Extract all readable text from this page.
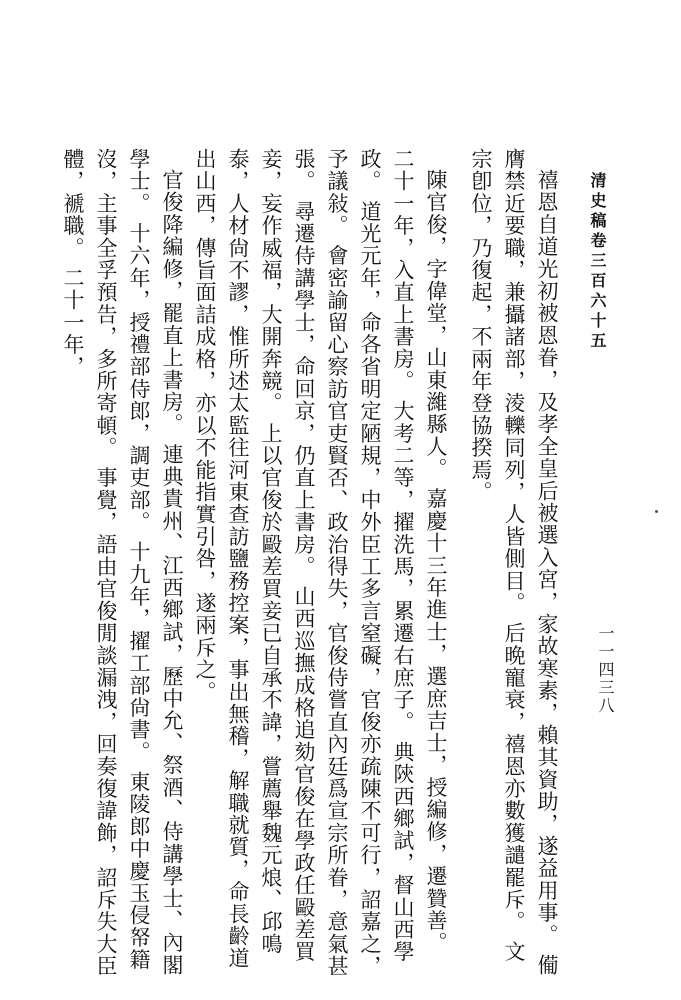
清史稿卷三百六十五
一一四三八

禧恩自道光初被恩眷，及孝全皇后被選入宮，家故寒素，賴其資助，遂益用事。 僃膺禁近要職，兼攝諸部，淩轢同列，人皆側目。 后晩寵衰，禧恩亦數獲譴罷斥。 文宗卽位，乃復起，不兩年登協揆焉。

陳官俊，字偉堂，山東濰縣人。 嘉慶十三年進士，選庶吉士，授編修，遷贊善。 二十一年，入直上書房。 大考二等，擢洗馬，累遷右庶子。 典陝西鄉試，督山西學政。 道光元年，命各省明定陋規，中外臣工多言窒礙，官俊亦疏陳不可行，詔嘉之，予議敍。 會密諭留心察訪官吏賢否、政治得失，官俊侍嘗直內廷爲宣宗所眷，意氣甚張。 尋遷侍講學士，命回京，仍直上書房。 山西巡撫成格追劾官俊在學政任毆差買妾，妄作威福，大開奔競。 上以官俊於毆差買妾已自承不諱，嘗薦舉魏元烺、邱鳴泰，人材尙不謬，惟所述太監往河東查訪鹽務控案，事出無稽，解職就質，命長齡道出山西，傳旨面詰成格，亦以不能指實引咎，遂兩斥之。

官俊降編修，罷直上書房。 連典貴州、江西鄉試，歷中允、祭酒、侍講學士、內閣學士。 十六年，授禮部侍郎，調吏部。 十九年，擢工部尙書。 東陵郎中慶玉侵帑籍沒，主事全孚預告，多所寄頓。 事覺，語由官俊閒談漏洩，回奏復諱飾，詔斥失大臣體，褫職。 二十一年，
